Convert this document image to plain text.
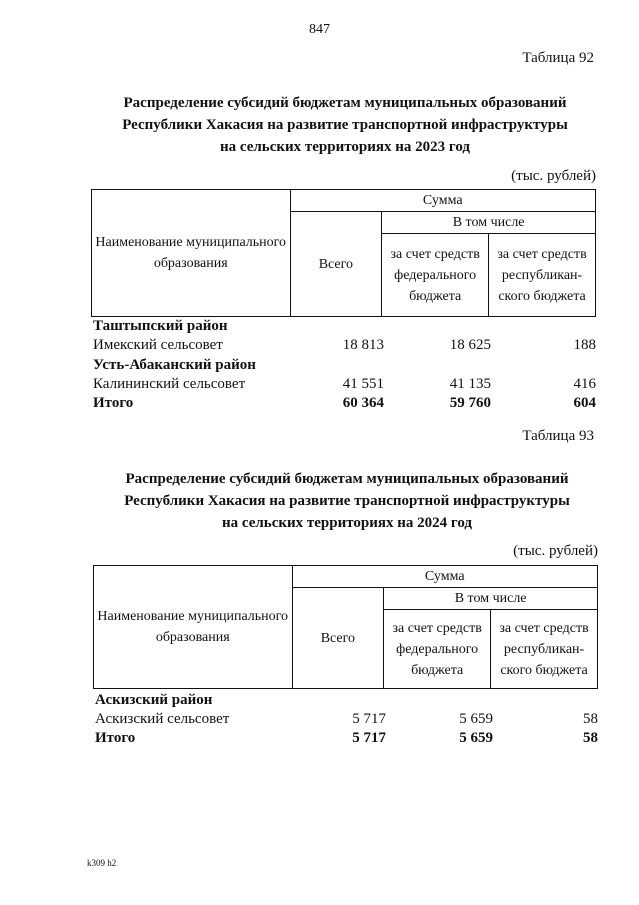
847
Таблица 92
Распределение субсидий бюджетам муниципальных образований
Республики Хакасия на развитие транспортной инфраструктуры
на сельских территориях на 2023 год
(тыс. рублей)
Наименование муниципального образования	Сумма		
	Всего	В том числе	
		за счет средств федерального бюджета	за счет средств республикан-ского бюджета
Таштыпский район
Имекский сельсовет	18 813	18 625	188
Усть-Абаканский район
Калининский сельсовет	41 551	41 135	416
Итого	60 364	59 760	604
Таблица 93
Распределение субсидий бюджетам муниципальных образований
Республики Хакасия на развитие транспортной инфраструктуры
на сельских территориях на 2024 год
(тыс. рублей)
Наименование муниципального образования	Сумма		
	Всего	В том числе	
		за счет средств федерального бюджета	за счет средств республикан-ского бюджета
Аскизский район
Аскизский сельсовет	5 717	5 659	58
Итого	5 717	5 659	58
k309 h2
